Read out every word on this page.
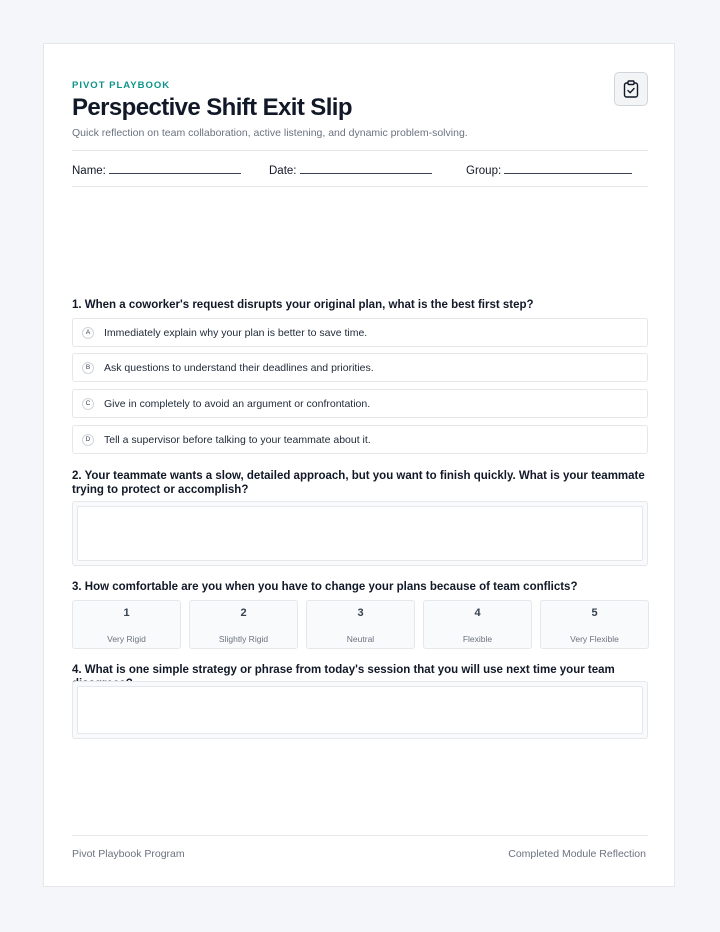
PIVOT PLAYBOOK
Perspective Shift Exit Slip
Quick reflection on team collaboration, active listening, and dynamic problem-solving.
Name:	Date:	Group:
1. When a coworker's request disrupts your original plan, what is the best first step?
A	Immediately explain why your plan is better to save time.
B	Ask questions to understand their deadlines and priorities.
C	Give in completely to avoid an argument or confrontation.
D	Tell a supervisor before talking to your teammate about it.
2. Your teammate wants a slow, detailed approach, but you want to finish quickly. What is your teammate trying to protect or accomplish?
3. How comfortable are you when you have to change your plans because of team conflicts?
1
Very Rigid
2
Slightly Rigid
3
Neutral
4
Flexible
5
Very Flexible
4. What is one simple strategy or phrase from today's session that you will use next time your team
Pivot Playbook Program	Completed Module Reflection
